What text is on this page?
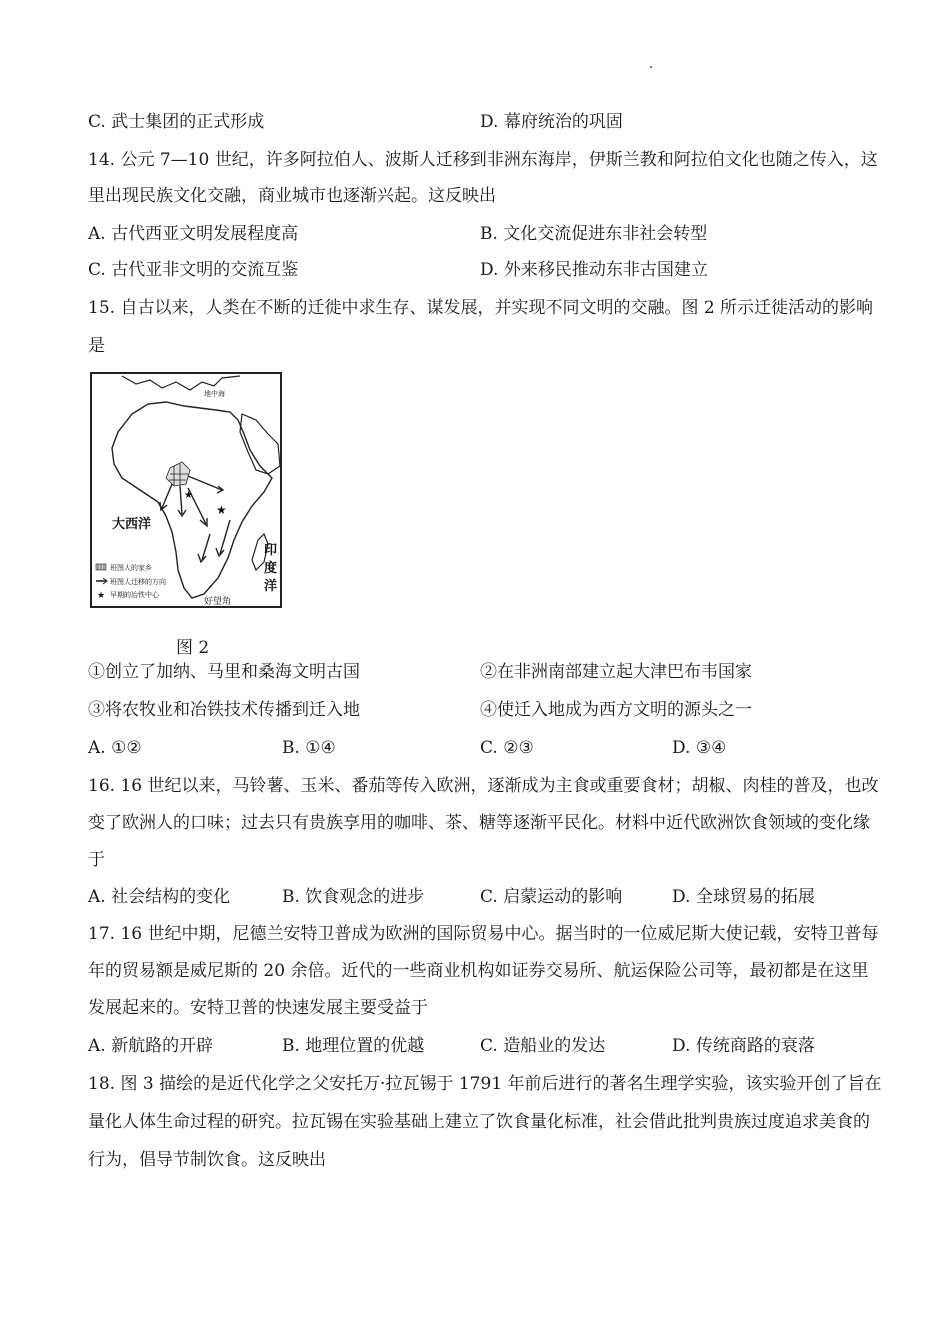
C. 武士集团的正式形成	D. 幕府统治的巩固
14. 公元 7—10 世纪，许多阿拉伯人、波斯人迁移到非洲东海岸，伊斯兰教和阿拉伯文化也随之传入，这
里出现民族文化交融，商业城市也逐渐兴起。这反映出
A. 古代西亚文明发展程度高	B. 文化交流促进东非社会转型
C. 古代亚非文明的交流互鉴	D. 外来移民推动东非古国建立
15. 自古以来，人类在不断的迁徙中求生存、谋发展，并实现不同文明的交融。图 2 所示迁徙活动的影响
是
地中海
★
★
大西洋
印
度
洋
好望角
班图人的家乡
班图人迁移的方向
★ 早期的冶铁中心
图 2
①创立了加纳、马里和桑海文明古国	②在非洲南部建立起大津巴布韦国家
③将农牧业和冶铁技术传播到迁入地	④使迁入地成为西方文明的源头之一
A. ①②	B. ①④	C. ②③	D. ③④
16. 16 世纪以来，马铃薯、玉米、番茄等传入欧洲，逐渐成为主食或重要食材；胡椒、肉桂的普及，也改
变了欧洲人的口味；过去只有贵族享用的咖啡、茶、糖等逐渐平民化。材料中近代欧洲饮食领域的变化缘
于
A. 社会结构的变化	B. 饮食观念的进步	C. 启蒙运动的影响	D. 全球贸易的拓展
17. 16 世纪中期，尼德兰安特卫普成为欧洲的国际贸易中心。据当时的一位威尼斯大使记载，安特卫普每
年的贸易额是威尼斯的 20 余倍。近代的一些商业机构如证券交易所、航运保险公司等，最初都是在这里
发展起来的。安特卫普的快速发展主要受益于
A. 新航路的开辟	B. 地理位置的优越	C. 造船业的发达	D. 传统商路的衰落
18. 图 3 描绘的是近代化学之父安托万·拉瓦锡于 1791 年前后进行的著名生理学实验，该实验开创了旨在
量化人体生命过程的研究。拉瓦锡在实验基础上建立了饮食量化标准，社会借此批判贵族过度追求美食的
行为，倡导节制饮食。这反映出
